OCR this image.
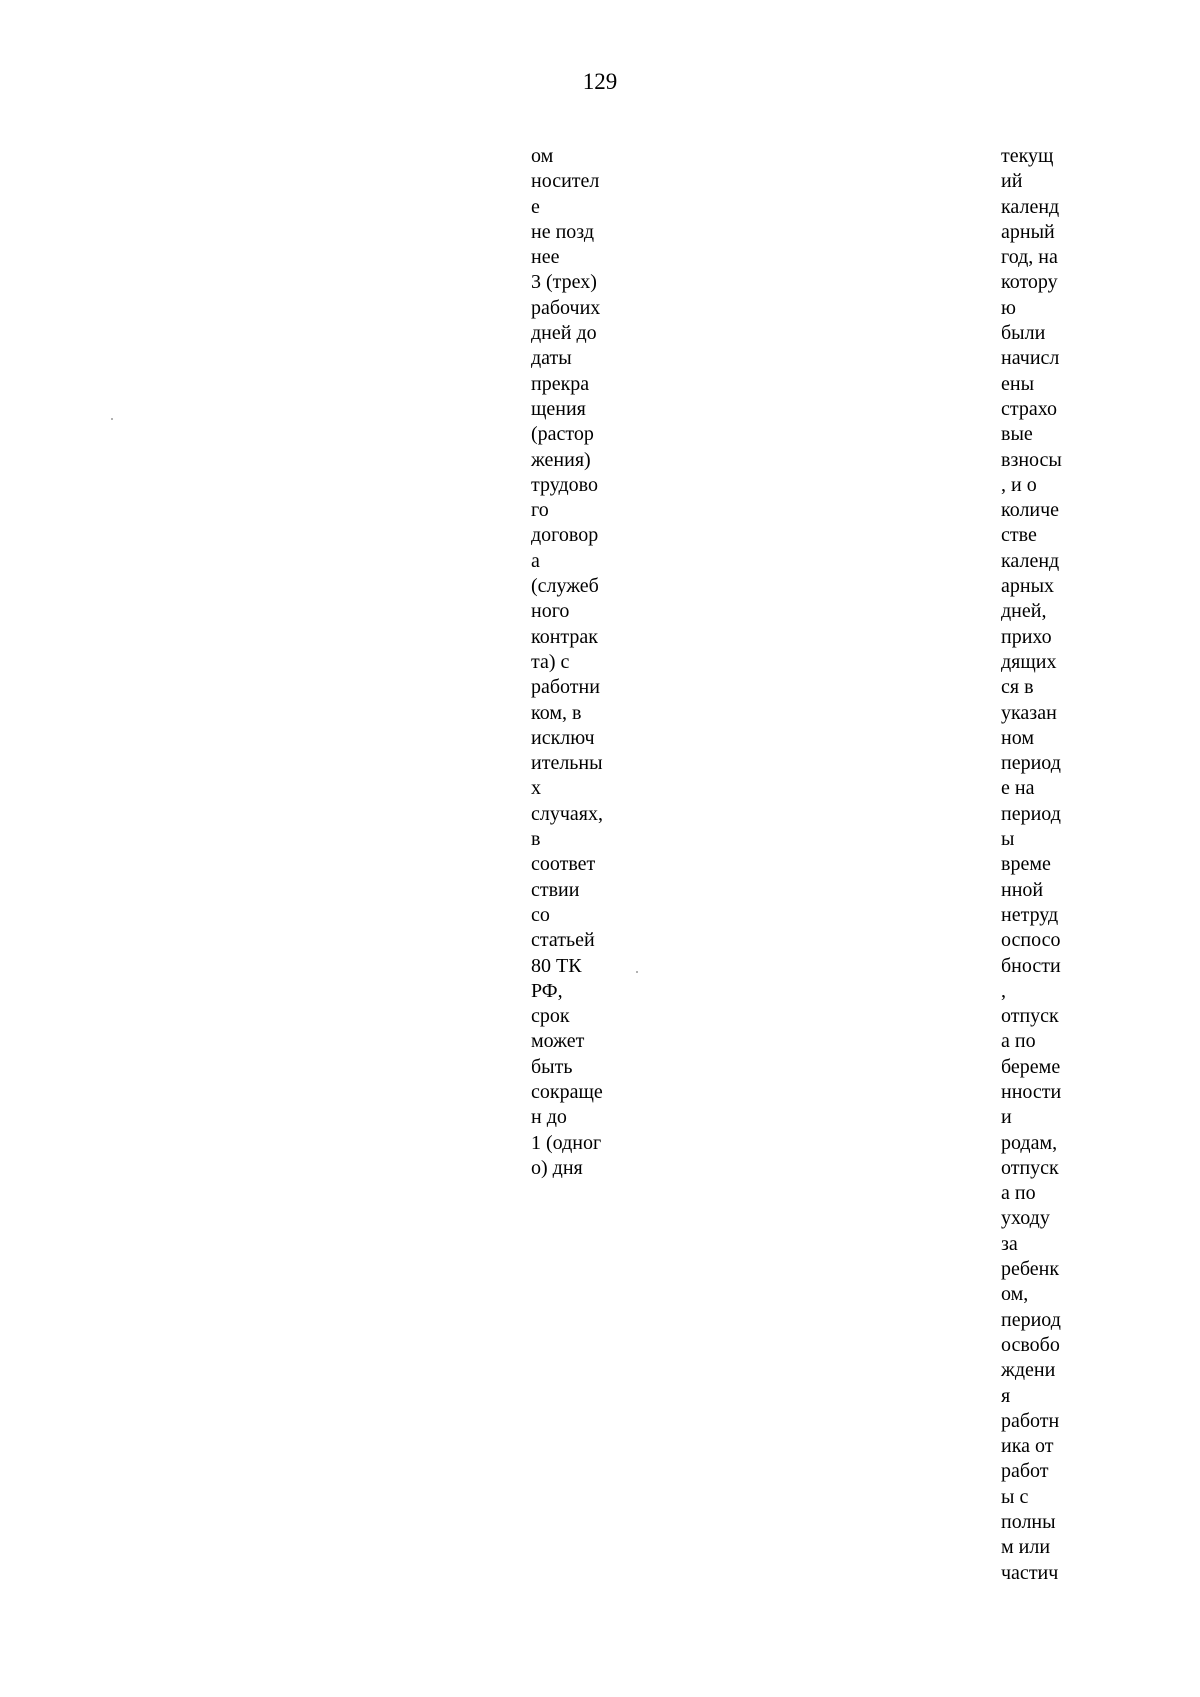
129
ом
носител
е
не позд
нее
3 (трех)
рабочих
дней до
даты
прекра
щения
(растор
жения)
трудово
го
договор
а
(служеб
ного
контрак
та) с
работни
ком, в
исключ
ительны
х
случаях,
в
соответ
ствии
со
статьей
80 ТК
РФ,
срок
может
быть
сокраще
н до
1 (одног
о) дня
текущ
ий
календ
арный
год, на
котору
ю
были
начисл
ены
страхо
вые
взносы
, и о
количе
стве
календ
арных
дней,
прихо
дящих
ся в
указан
ном
период
е на
период
ы
време
нной
нетруд
оспосо
бности
,
отпуск
а по
береме
нности
и
родам,
отпуск
а по
уходу
за
ребенк
ом,
период
освобо
ждени
я
работн
ика от
работ
ы с
полны
м или
частич
